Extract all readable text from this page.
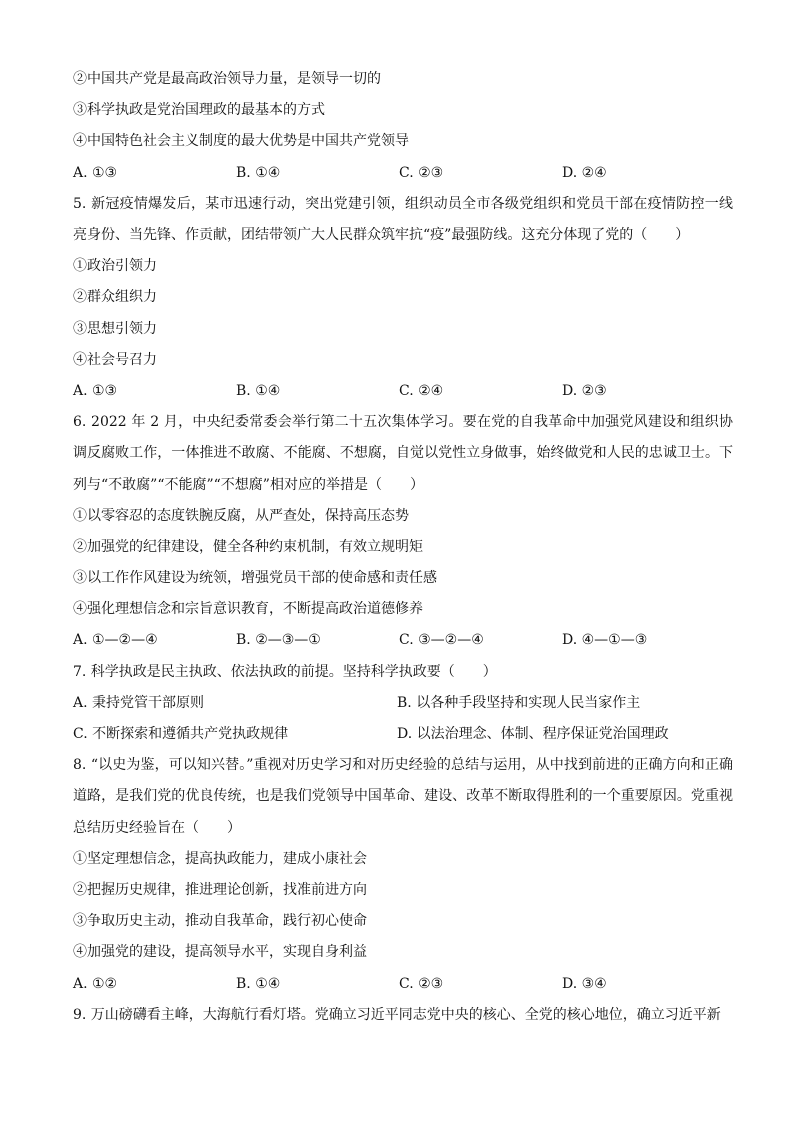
②中国共产党是最高政治领导力量，是领导一切的
③科学执政是党治国理政的最基本的方式
④中国特色社会主义制度的最大优势是中国共产党领导
A. ①③	B. ①④	C. ②③	D. ②④
5. 新冠疫情爆发后，某市迅速行动，突出党建引领，组织动员全市各级党组织和党员干部在疫情防控一线亮身份、当先锋、作贡献，团结带领广大人民群众筑牢抗“疫”最强防线。这充分体现了党的（　　）
①政治引领力
②群众组织力
③思想引领力
④社会号召力
A. ①③	B. ①④	C. ②④	D. ②③
6. 2022 年 2 月，中央纪委常委会举行第二十五次集体学习。要在党的自我革命中加强党风建设和组织协调反腐败工作，一体推进不敢腐、不能腐、不想腐，自觉以党性立身做事，始终做党和人民的忠诚卫士。下列与“不敢腐”“不能腐”“不想腐”相对应的举措是（　　）
①以零容忍的态度铁腕反腐，从严查处，保持高压态势
②加强党的纪律建设，健全各种约束机制，有效立规明矩
③以工作作风建设为统领，增强党员干部的使命感和责任感
④强化理想信念和宗旨意识教育，不断提高政治道德修养
A. ①—②—④	B. ②—③—①	C. ③—②—④	D. ④—①—③
7. 科学执政是民主执政、依法执政的前提。坚持科学执政要（　　）
A. 秉持党管干部原则	B. 以各种手段坚持和实现人民当家作主
C. 不断探索和遵循共产党执政规律	D. 以法治理念、体制、程序保证党治国理政
8. “以史为鉴，可以知兴替。”重视对历史学习和对历史经验的总结与运用，从中找到前进的正确方向和正确道路，是我们党的优良传统，也是我们党领导中国革命、建设、改革不断取得胜利的一个重要原因。党重视总结历史经验旨在（　　）
①坚定理想信念，提高执政能力，建成小康社会
②把握历史规律，推进理论创新，找准前进方向
③争取历史主动，推动自我革命，践行初心使命
④加强党的建设，提高领导水平，实现自身利益
A. ①②	B. ①④	C. ②③	D. ③④
9. 万山磅礴看主峰，大海航行看灯塔。党确立习近平同志党中央的核心、全党的核心地位，确立习近平新
